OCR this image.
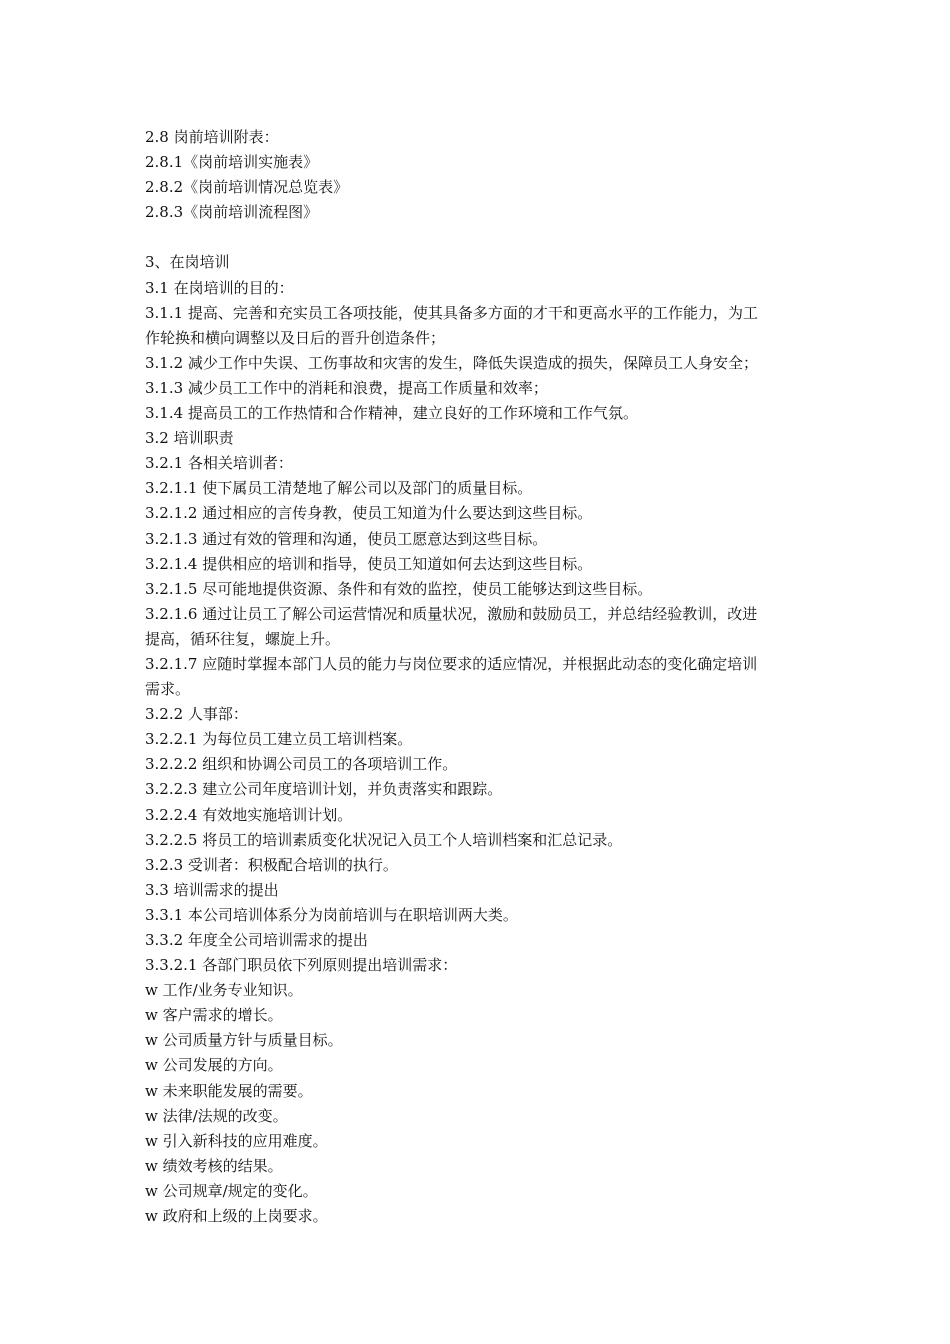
2.8 岗前培训附表：
2.8.1《岗前培训实施表》
2.8.2《岗前培训情况总览表》
2.8.3《岗前培训流程图》
3、在岗培训
3.1 在岗培训的目的：
3.1.1 提高、完善和充实员工各项技能，使其具备多方面的才干和更高水平的工作能力，为工
作轮换和横向调整以及日后的晋升创造条件；
3.1.2 减少工作中失误、工伤事故和灾害的发生，降低失误造成的损失，保障员工人身安全；
3.1.3 减少员工工作中的消耗和浪费，提高工作质量和效率；
3.1.4 提高员工的工作热情和合作精神，建立良好的工作环境和工作气氛。
3.2 培训职责
3.2.1 各相关培训者：
3.2.1.1 使下属员工清楚地了解公司以及部门的质量目标。
3.2.1.2 通过相应的言传身教，使员工知道为什么要达到这些目标。
3.2.1.3 通过有效的管理和沟通，使员工愿意达到这些目标。
3.2.1.4 提供相应的培训和指导，使员工知道如何去达到这些目标。
3.2.1.5 尽可能地提供资源、条件和有效的监控，使员工能够达到这些目标。
3.2.1.6 通过让员工了解公司运营情况和质量状况，激励和鼓励员工，并总结经验教训，改进
提高，循环往复，螺旋上升。
3.2.1.7 应随时掌握本部门人员的能力与岗位要求的适应情况，并根据此动态的变化确定培训
需求。
3.2.2 人事部：
3.2.2.1 为每位员工建立员工培训档案。
3.2.2.2 组织和协调公司员工的各项培训工作。
3.2.2.3 建立公司年度培训计划，并负责落实和跟踪。
3.2.2.4 有效地实施培训计划。
3.2.2.5 将员工的培训素质变化状况记入员工个人培训档案和汇总记录。
3.2.3 受训者：积极配合培训的执行。
3.3 培训需求的提出
3.3.1 本公司培训体系分为岗前培训与在职培训两大类。
3.3.2 年度全公司培训需求的提出
3.3.2.1 各部门职员依下列原则提出培训需求：
w 工作/业务专业知识。
w 客户需求的增长。
w 公司质量方针与质量目标。
w 公司发展的方向。
w 未来职能发展的需要。
w 法律/法规的改变。
w 引入新科技的应用难度。
w 绩效考核的结果。
w 公司规章/规定的变化。
w 政府和上级的上岗要求。
